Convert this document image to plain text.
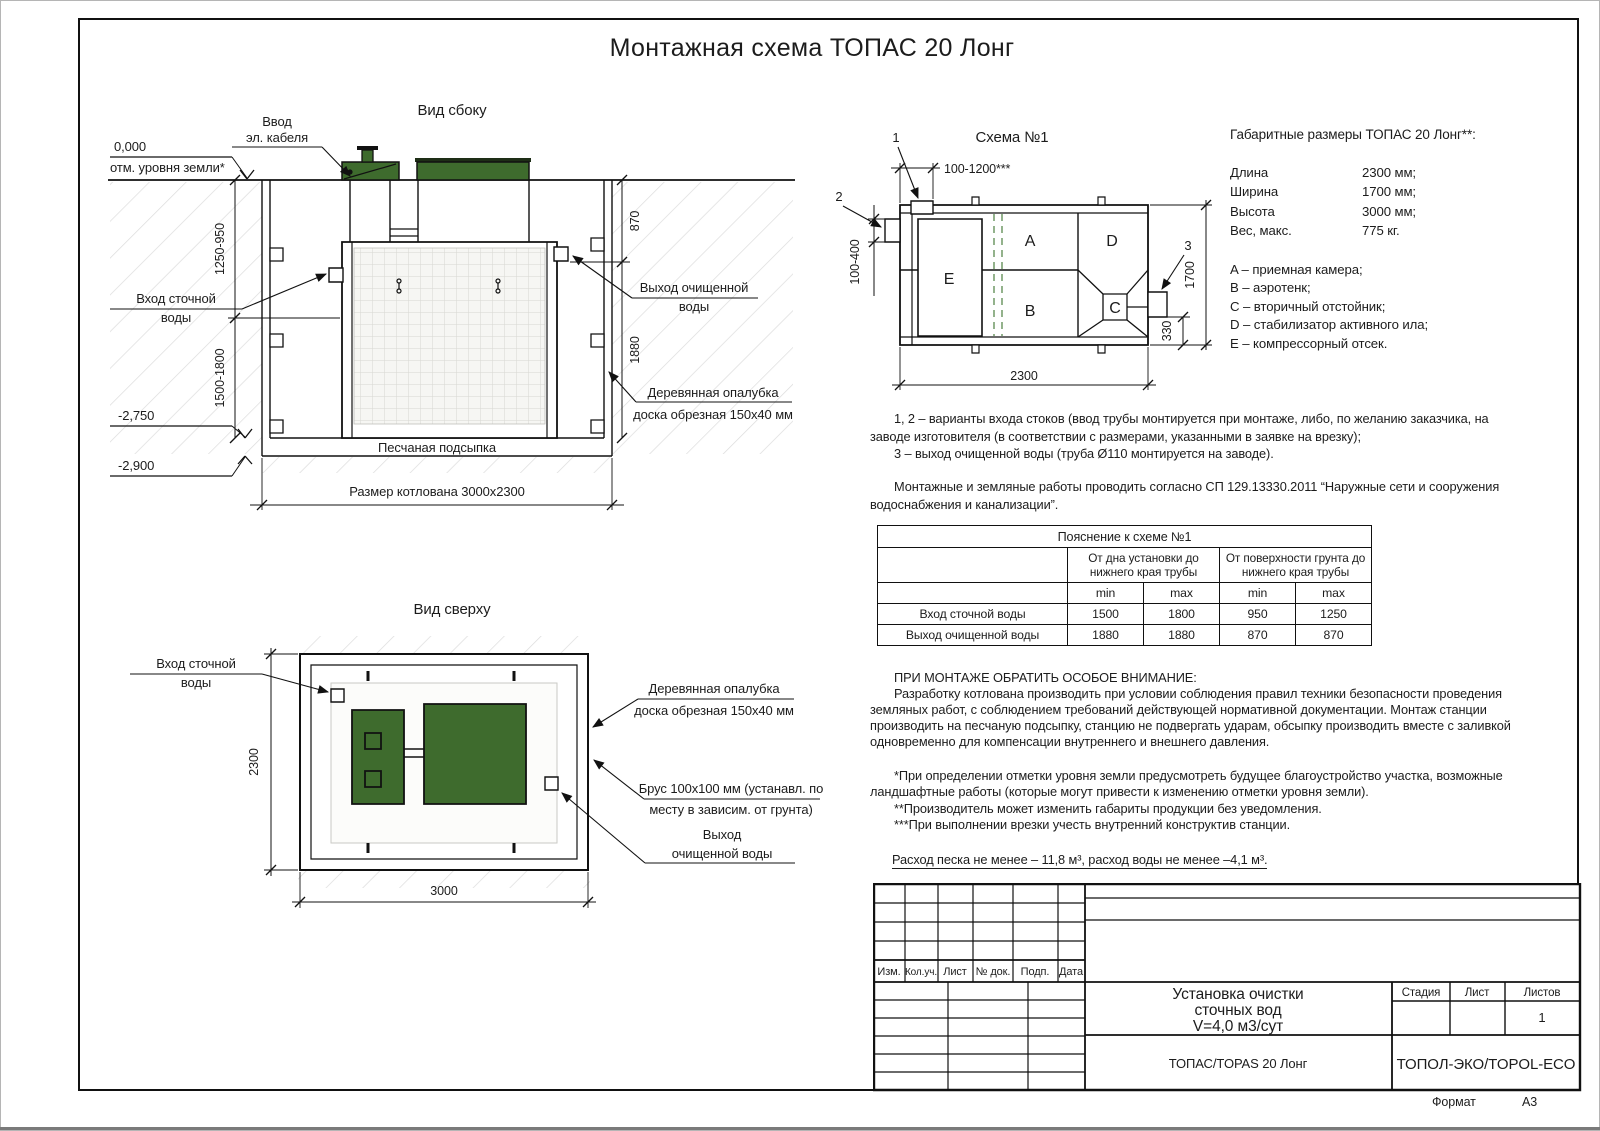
Монтажная схема ТОПАС 20 Лонг
1250-950
1500-1800
870
1880
0,000
отм. уровня земли*
-2,750
-2,900
Песчаная подсыпка
Размер котлована 3000х2300
Ввод
эл. кабеля
Вход сточной
воды
Выход очищенной
воды
Деревянная опалубка
доска обрезная 150х40 мм
Вид сбоку
Схема №1
A
B	C
D
E
1
2
3
100-1200***
100-400	1700
330
2300
Вид сверху
2300
3000
Вход сточной
воды	Деревянная опалубка
доска обрезная 150х40 мм
Брус 100х100 мм (устанавл. по
месту в зависим. от грунта)
Выход
очищенной воды
Габаритные размеры ТОПАС 20 Лонг**:
Длина	2300 мм;
Ширина	1700 мм;
Высота	3000 мм;
Вес, макс.	775 кг.
A – приемная камера;
B – аэротенк;
C – вторичный отстойник;
D – стабилизатор активного ила;
E – компрессорный отсек.
1, 2 – варианты входа стоков (ввод трубы монтируется при монтаже, либо, по желанию заказчика, на
заводе изготовителя (в соответствии с размерами, указанными в заявке на врезку);
3 – выход очищенной воды (труба Ø110 монтируется на заводе).
Монтажные и земляные работы проводить согласно СП 129.13330.2011 “Наружные сети и сооружения
водоснабжения и канализации”.
Пояснение к схеме №1				
	От дна установки до нижнего края трубы		От поверхности грунта до нижнего края трубы	
	min	max	min	max
Вход сточной воды	1500	1800	950	1250
Выход очищенной воды	1880	1880	870	870
ПРИ МОНТАЖЕ ОБРАТИТЬ ОСОБОЕ ВНИМАНИЕ:
Разработку котлована производить при условии соблюдения правил техники безопасности проведения
земляных работ, с соблюдением требований действующей нормативной документации. Монтаж станции
производить на песчаную подсыпку, станцию не подвергать ударам, обсыпку производить вместе с заливкой
одновременно для компенсации внутреннего и внешнего давления.
*При определении отметки уровня земли предусмотреть будущее благоустройство участка, возможные
ландшафтные работы (которые могут привести к изменению отметки уровня земли).
**Производитель может изменить габариты продукции без уведомления.
***При выполнении врезки учесть внутренний конструктив станции.
Расход песка не менее – 11,8 м³, расход воды не менее –4,1 м³.
Изм. Кол.уч. Лист № док. Подп. Дата
Установка очистки
сточных вод
V=4,0 м3/сут
Стадия Лист	Листов
1
ТОПАС/TOPAS 20 Лонг	ТОПОЛ-ЭКО/TOPOL-ECO
Формат	А3
